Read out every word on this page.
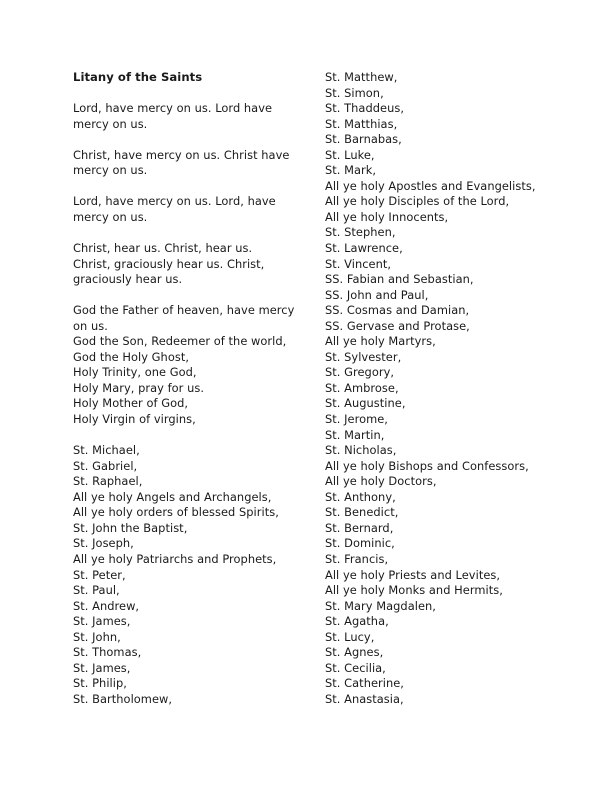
Litany of the Saints
Lord, have mercy on us. Lord have
mercy on us.
Christ, have mercy on us. Christ have
mercy on us.
Lord, have mercy on us. Lord, have
mercy on us.
Christ, hear us. Christ, hear us.
Christ, graciously hear us. Christ,
graciously hear us.
God the Father of heaven, have mercy
on us.
God the Son, Redeemer of the world,
God the Holy Ghost,
Holy Trinity, one God,
Holy Mary, pray for us.
Holy Mother of God,
Holy Virgin of virgins,
St. Michael,
St. Gabriel,
St. Raphael,
All ye holy Angels and Archangels,
All ye holy orders of blessed Spirits,
St. John the Baptist,
St. Joseph,
All ye holy Patriarchs and Prophets,
St. Peter,
St. Paul,
St. Andrew,
St. James,
St. John,
St. Thomas,
St. James,
St. Philip,
St. Bartholomew,
St. Matthew,
St. Simon,
St. Thaddeus,
St. Matthias,
St. Barnabas,
St. Luke,
St. Mark,
All ye holy Apostles and Evangelists,
All ye holy Disciples of the Lord,
All ye holy Innocents,
St. Stephen,
St. Lawrence,
St. Vincent,
SS. Fabian and Sebastian,
SS. John and Paul,
SS. Cosmas and Damian,
SS. Gervase and Protase,
All ye holy Martyrs,
St. Sylvester,
St. Gregory,
St. Ambrose,
St. Augustine,
St. Jerome,
St. Martin,
St. Nicholas,
All ye holy Bishops and Confessors,
All ye holy Doctors,
St. Anthony,
St. Benedict,
St. Bernard,
St. Dominic,
St. Francis,
All ye holy Priests and Levites,
All ye holy Monks and Hermits,
St. Mary Magdalen,
St. Agatha,
St. Lucy,
St. Agnes,
St. Cecilia,
St. Catherine,
St. Anastasia,
